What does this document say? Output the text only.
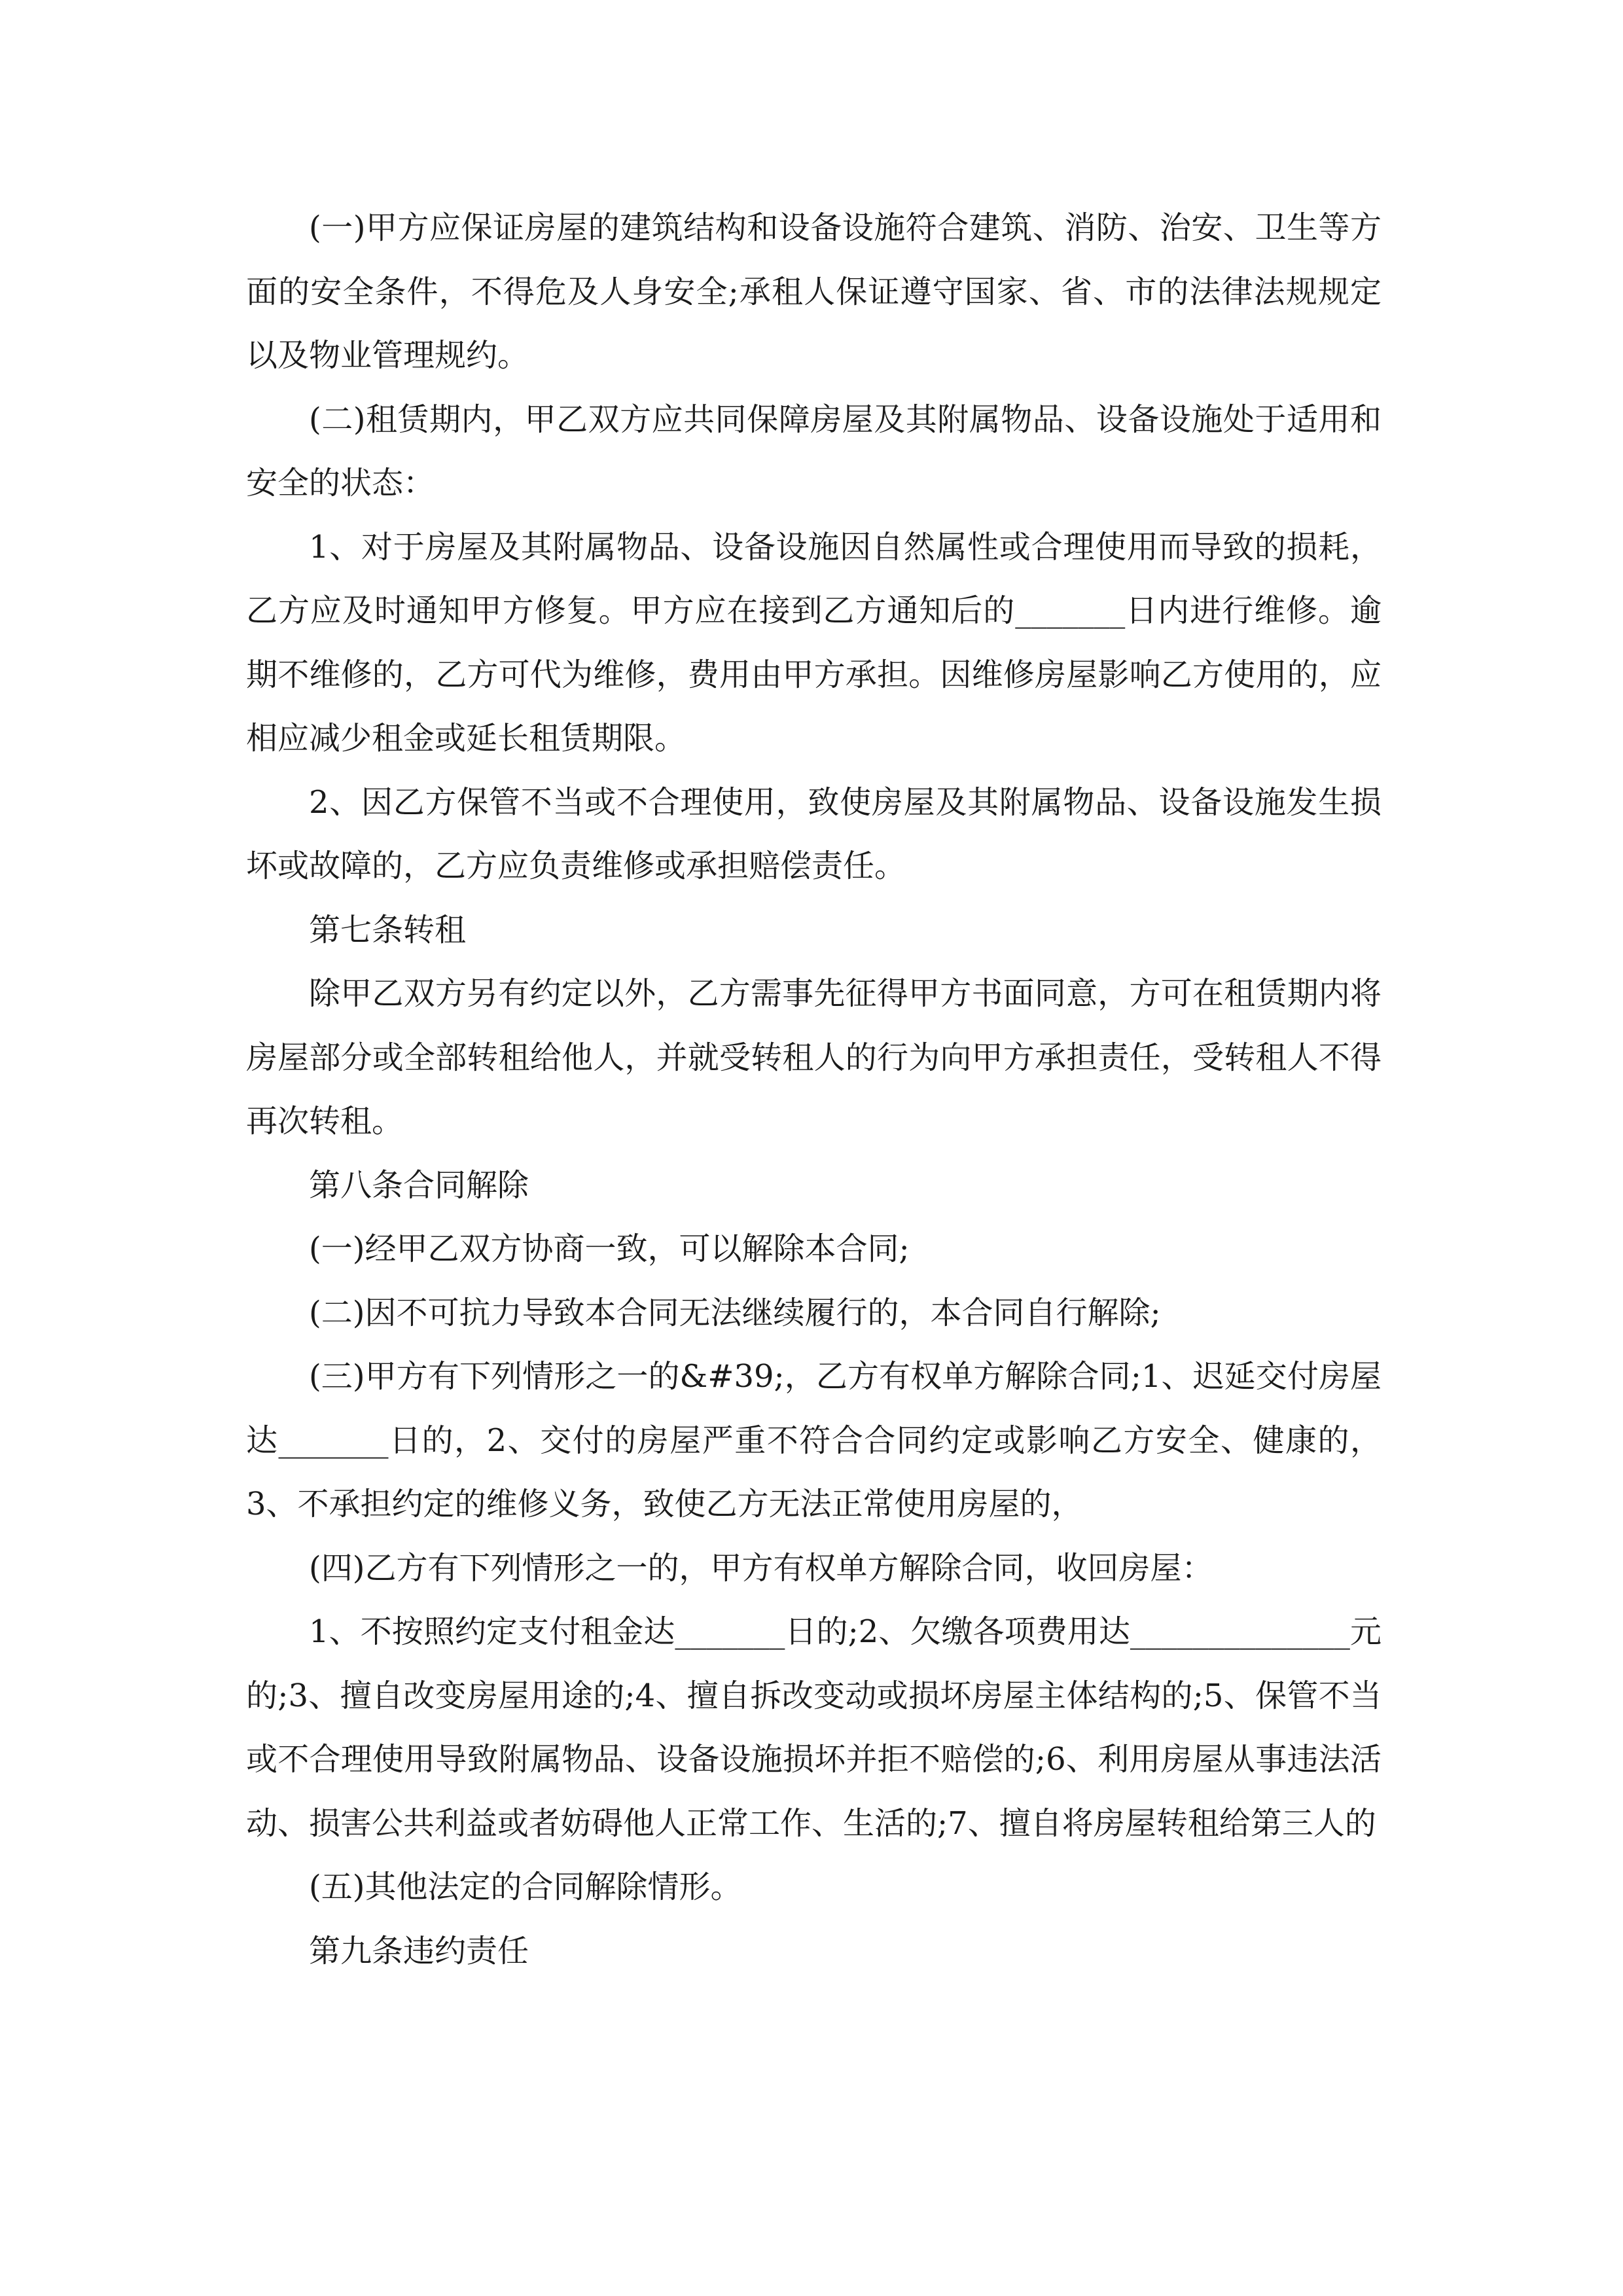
(一)甲方应保证房屋的建筑结构和设备设施符合建筑、消防、治安、卫生等方面的安全条件，不得危及人身安全;承租人保证遵守国家、省、市的法律法规规定以及物业管理规约。

(二)租赁期内，甲乙双方应共同保障房屋及其附属物品、设备设施处于适用和安全的状态：

1、对于房屋及其附属物品、设备设施因自然属性或合理使用而导致的损耗，乙方应及时通知甲方修复。甲方应在接到乙方通知后的_______日内进行维修。逾期不维修的，乙方可代为维修，费用由甲方承担。因维修房屋影响乙方使用的，应相应减少租金或延长租赁期限。

2、因乙方保管不当或不合理使用，致使房屋及其附属物品、设备设施发生损坏或故障的，乙方应负责维修或承担赔偿责任。

第七条转租

除甲乙双方另有约定以外，乙方需事先征得甲方书面同意，方可在租赁期内将房屋部分或全部转租给他人，并就受转租人的行为向甲方承担责任，受转租人不得再次转租。

第八条合同解除

(一)经甲乙双方协商一致，可以解除本合同;

(二)因不可抗力导致本合同无法继续履行的，本合同自行解除;

(三)甲方有下列情形之一的&#39;，乙方有权单方解除合同;1、迟延交付房屋达_______日的，2、交付的房屋严重不符合合同约定或影响乙方安全、健康的，3、不承担约定的维修义务，致使乙方无法正常使用房屋的，

(四)乙方有下列情形之一的，甲方有权单方解除合同，收回房屋：

1、不按照约定支付租金达_______日的;2、欠缴各项费用达______________元的;3、擅自改变房屋用途的;4、擅自拆改变动或损坏房屋主体结构的;5、保管不当或不合理使用导致附属物品、设备设施损坏并拒不赔偿的;6、利用房屋从事违法活动、损害公共利益或者妨碍他人正常工作、生活的;7、擅自将房屋转租给第三人的

(五)其他法定的合同解除情形。

第九条违约责任
